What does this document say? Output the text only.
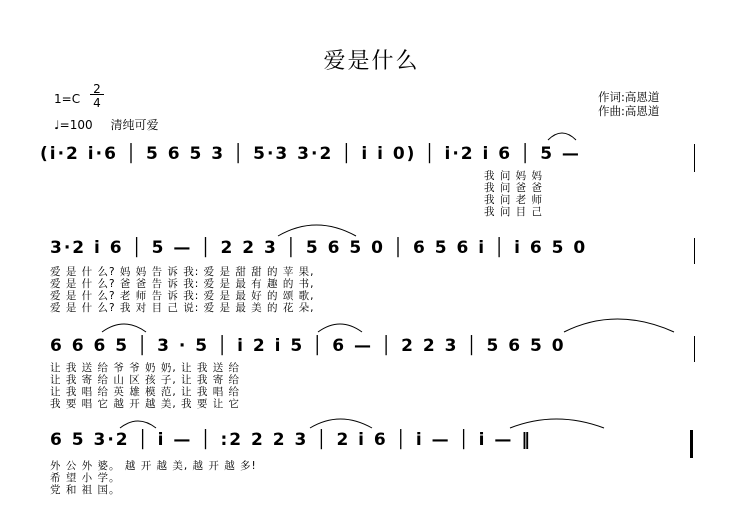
爱是什么
1=C
2
4
♩=100 清纯可爱
作词:高恩道
作曲:高恩道
(i·2 i·6 │ 5 6 5 3 │ 5·3 3·2 │ i i 0) │ i·2 i 6 │ 5 —
我 问 妈 妈
我 问 爸 爸
我 问 老 师
我 问 目 己
3·2 i 6 │ 5 — │ 2 2 3 │ 5 6 5 0 │ 6 5 6 i │ i 6 5 0
爱 是 什 么? 妈 妈 告 诉 我: 爱 是 甜 甜 的 苹 果,
爱 是 什 么? 爸 爸 告 诉 我: 爱 是 最 有 趣 的 书,
爱 是 什 么? 老 师 告 诉 我: 爱 是 最 好 的 颂 歌,
爱 是 什 么? 我 对 目 己 说: 爱 是 最 美 的 花 朵,
6 6 6 5 │ 3 · 5 │ i 2 i 5 │ 6 — │ 2 2 3 │ 5 6 5 0
让 我 送 给 爷 爷 奶 奶, 让 我 送 给
让 我 寄 给 山 区 孩 子, 让 我 寄 给
让 我 唱 给 英 雄 模 范, 让 我 唱 给
我 要 唱 它 越 开 越 美, 我 要 让 它
6 5 3·2 │ i — │ :2 2 2 3 │ 2 i 6 │ i — │ i — ‖
外 公 外 婆。 越 开 越 美, 越 开 越 多!
希 望 小 学。
党 和 祖 国。
